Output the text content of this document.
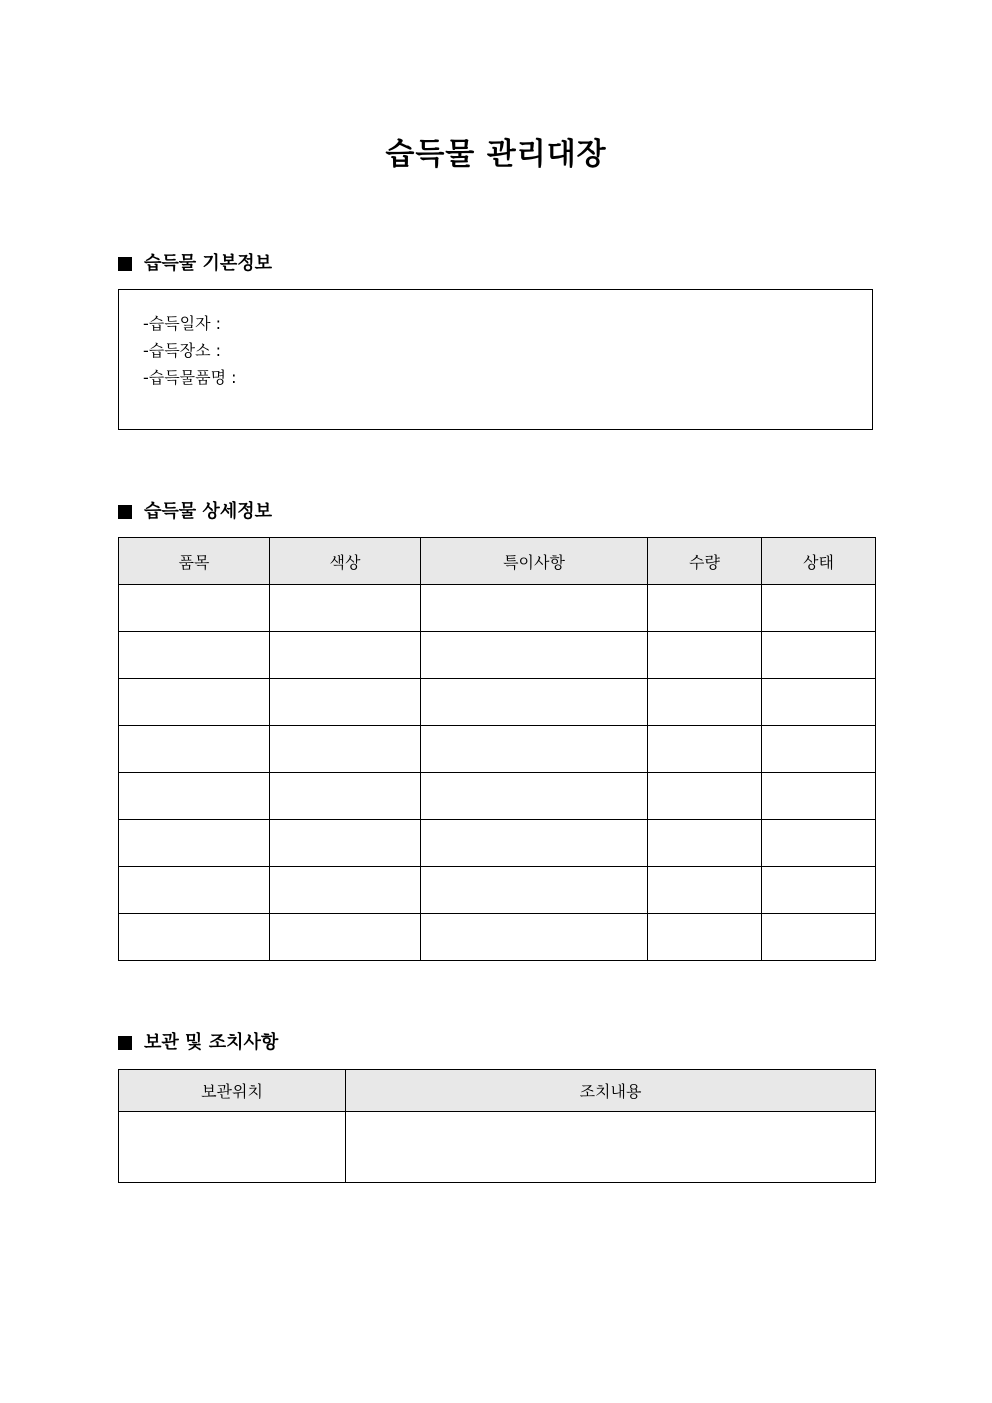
습득물 관리대장
습득물 기본정보
-습득일자 :
-습득장소 :
-습득물품명 :
습득물 상세정보
품목	색상	특이사항	수량	상태

보관 및 조치사항
보관위치	조치내용
